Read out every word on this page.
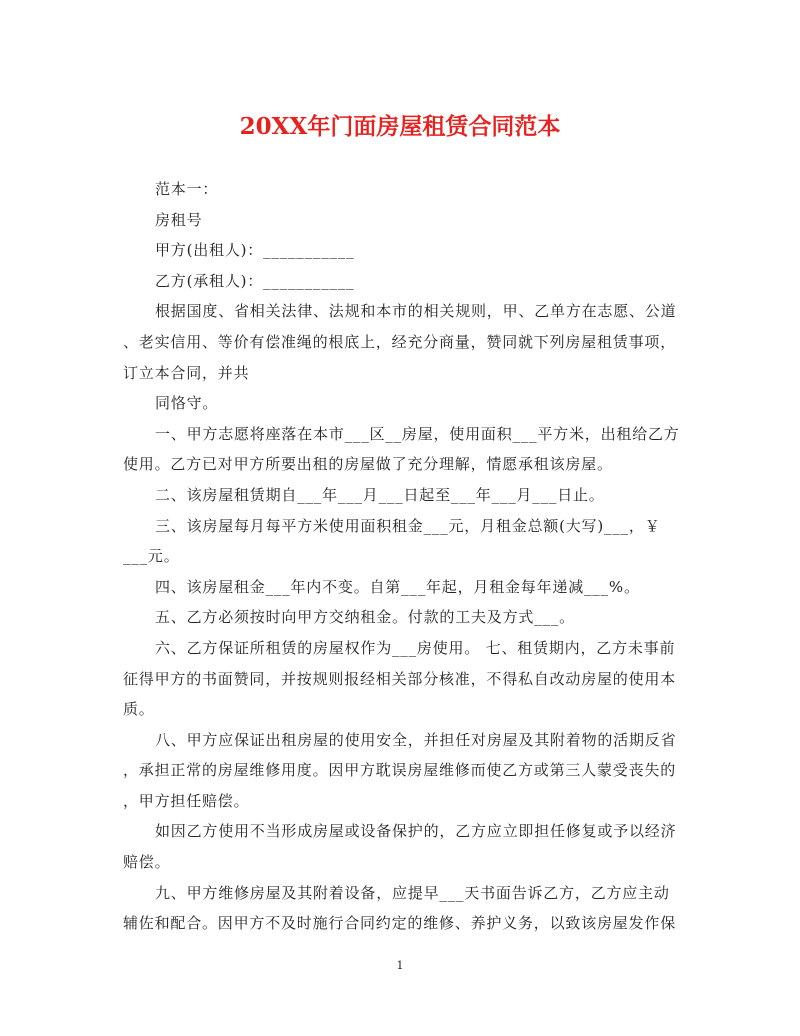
20XX年门面房屋租赁合同范本
范本一：
房租号
甲方(出租人)：___________
乙方(承租人)：___________
根据国度、省相关法律、法规和本市的相关规则，甲、乙单方在志愿、公道
、老实信用、等价有偿准绳的根底上，经充分商量，赞同就下列房屋租赁事项，
订立本合同，并共
同恪守。
一、甲方志愿将座落在本市___区__房屋，使用面积___平方米，出租给乙方
使用。乙方已对甲方所要出租的房屋做了充分理解，情愿承租该房屋。
二、该房屋租赁期自___年___月___日起至___年___月___日止。
三、该房屋每月每平方米使用面积租金___元，月租金总额(大写)___，￥
___元。
四、该房屋租金___年内不变。自第___年起，月租金每年递减___%。
五、乙方必须按时向甲方交纳租金。付款的工夫及方式___。
六、乙方保证所租赁的房屋权作为___房使用。 七、租赁期内，乙方未事前
征得甲方的书面赞同，并按规则报经相关部分核准，不得私自改动房屋的使用本
质。
八、甲方应保证出租房屋的使用安全，并担任对房屋及其附着物的活期反省
，承担正常的房屋维修用度。因甲方耽误房屋维修而使乙方或第三人蒙受丧失的
，甲方担任赔偿。
如因乙方使用不当形成房屋或设备保护的，乙方应立即担任修复或予以经济
赔偿。
九、甲方维修房屋及其附着设备，应提早___天书面告诉乙方，乙方应主动
辅佐和配合。因甲方不及时施行合同约定的维修、养护义务，以致该房屋发作保
1
